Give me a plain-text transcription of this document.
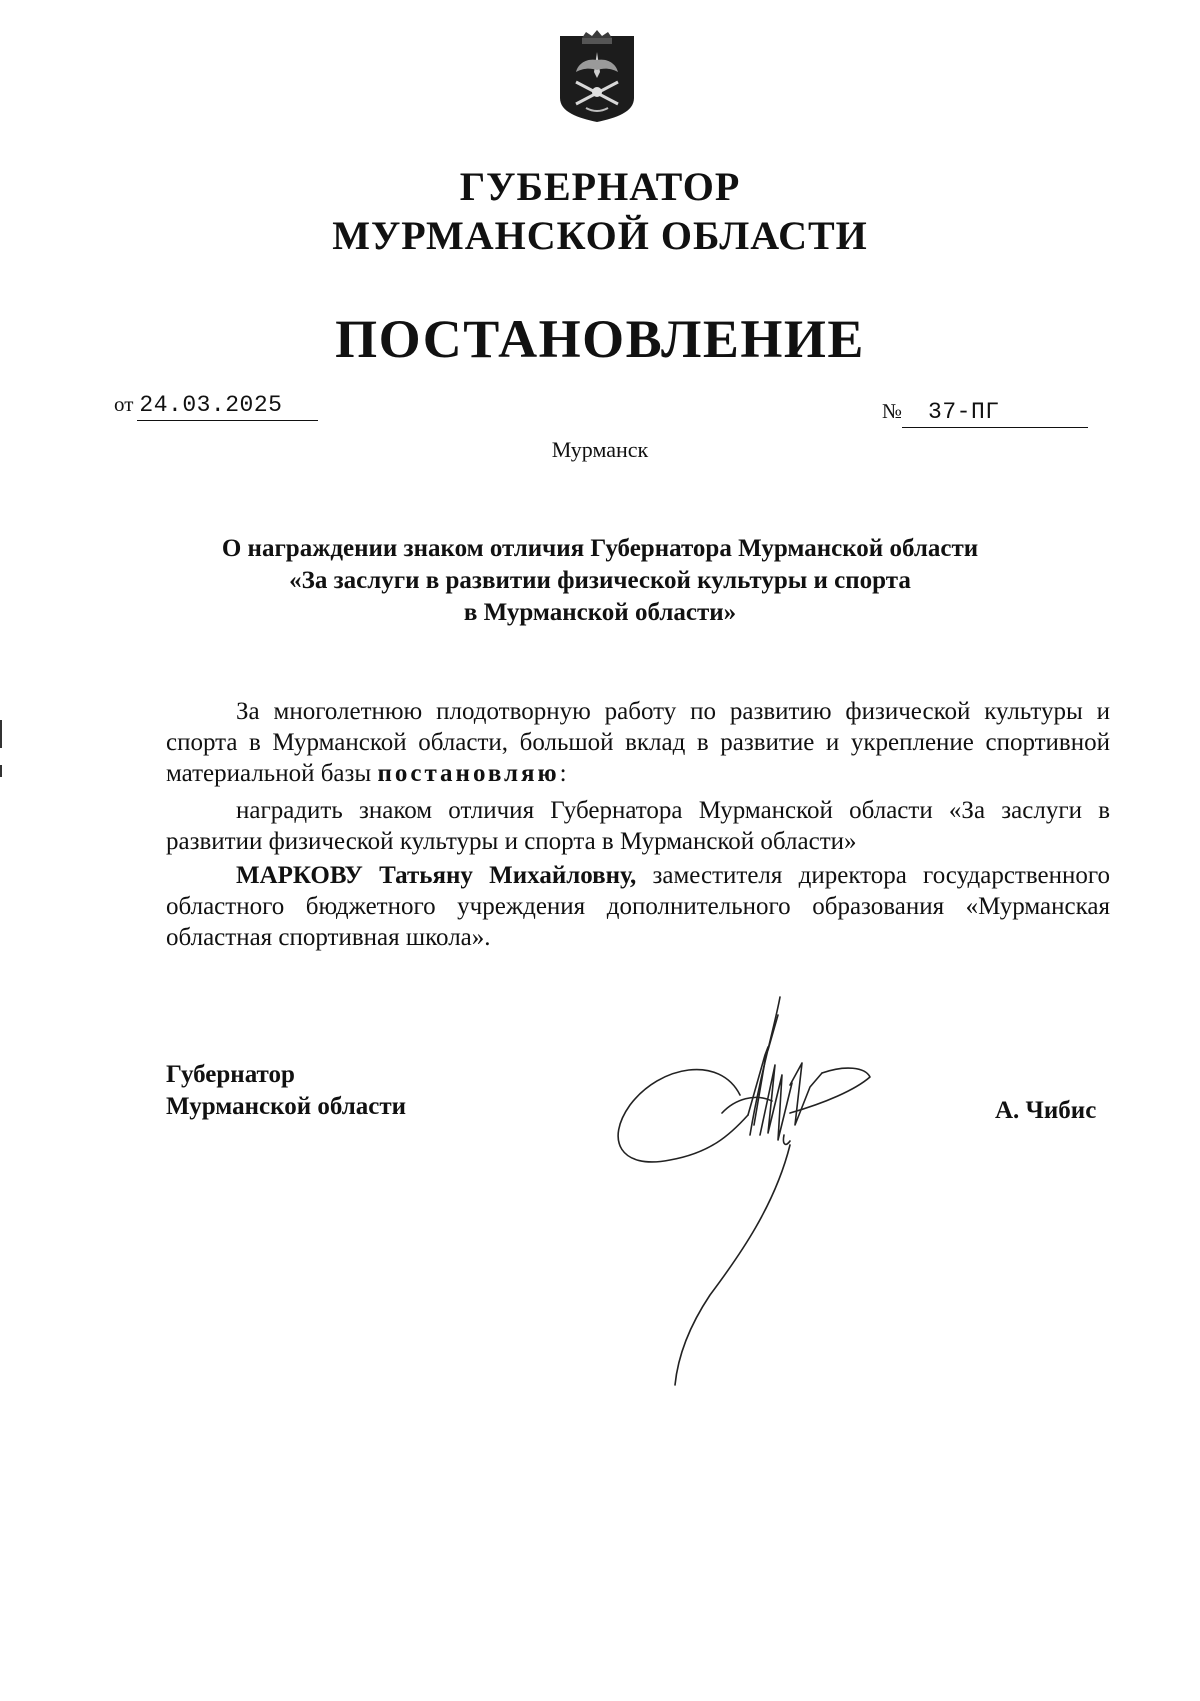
ГУБЕРНАТОР
МУРМАНСКОЙ ОБЛАСТИ
ПОСТАНОВЛЕНИЕ
от 24.03.2025	№ 37-ПГ
Мурманск
О награждении знаком отличия Губернатора Мурманской области
«За заслуги в развитии физической культуры и спорта
в Мурманской области»
За многолетнюю плодотворную работу по развитию физической культуры и спорта в Мурманской области, большой вклад в развитие и укрепление спортивной материальной базы постановляю:
наградить знаком отличия Губернатора Мурманской области «За заслуги в развитии физической культуры и спорта в Мурманской области»
МАРКОВУ Татьяну Михайловну, заместителя директора государственного областного бюджетного учреждения дополнительного образования «Мурманская областная спортивная школа».
Губернатор
Мурманской области	А. Чибис
